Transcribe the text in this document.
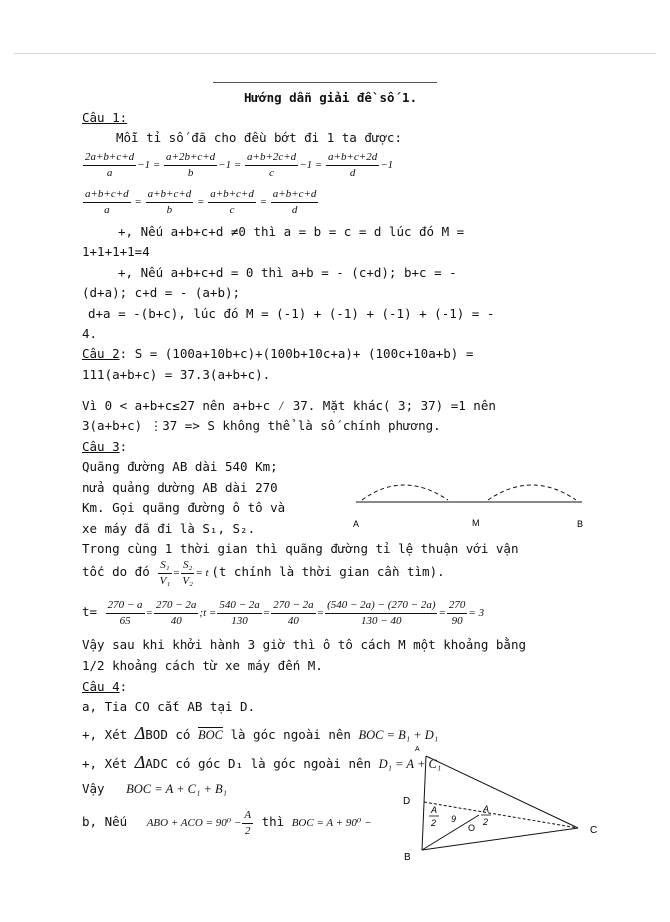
Hướng dẫn giải đề số 1.
Câu 1:
Mỗi tỉ số đã cho đều bớt đi 1 ta được:
$\frac{2a+b+c+d}{a} -1 = \frac{a+2b+c+d}{b} -1 = \frac{a+b+2c+d}{c} -1 = \frac{a+b+c+2d}{d} -1$
$\frac{a+b+c+d}{a} = \frac{a+b+c+d}{b} = \frac{a+b+c+d}{c} = \frac{a+b+c+d}{d}$
+, Nếu a+b+c+d ≠0 thì a = b = c = d lúc đó M =
1+1+1+1=4
+, Nếu a+b+c+d = 0 thì a+b = - (c+d); b+c = -
(d+a); c+d = - (a+b);
d+a = -(b+c), lúc đó M = (-1) + (-1) + (-1) + (-1) = -
4.
Câu 2: S = (100a+10b+c)+(100b+10c+a)+ (100c+10a+b) =
111(a+b+c) = 37.3(a+b+c).
Vì 0 < a+b+c≤27 nên a+b+c ⁄ 37. Mặt khác( 3; 37) =1 nên
3(a+b+c) ⋮37 => S không thể là số chính phương.
Câu 3:
Quãng đường AB dài 540 Km;
nửa quảng dường AB dài 270
Km. Gọi quãng đường ô tô và
xe máy đã đi là S₁, S₂.
Trong cùng 1 thời gian thì quãng đường tỉ lệ thuận với vận
tốc do đó $\frac{\text{S₁}}{\text{V₁}} = \frac{\text{S₂}}{\text{V₂}} = t$ (t chính là thời gian cần tìm).
$t= \frac{270 - a}{65} = \frac{270 - 2a}{40}$ ;t = $\frac{540 - 2a}{130} = \frac{270 - 2a}{40} = \frac{(540 - 2a) - (270 - 2a)}{130 - 40} = \frac{270}{90} = 3$
Vậy sau khi khởi hành 3 giờ thì ô tô cách M một khoảng bằng
1/2 khoảng cách từ xe máy đến M.
Câu 4:
a, Tia CO cắt AB tại D.
+, Xét ΔBOD có $\overline{BOC}$ là góc ngoài nên BOC = B₁ + D₁
+, Xét ΔADC có góc D₁ là góc ngoài nên D₁ = A + C₁
Vậy BOC = A + C₁ + B₁
b, Nếu ABO + ACO = $90^0 - \frac{A}{2}$ thì BOC = A + 90⁰ −
A	M	B
A
D
B
C
O
A
2 9
A
2
